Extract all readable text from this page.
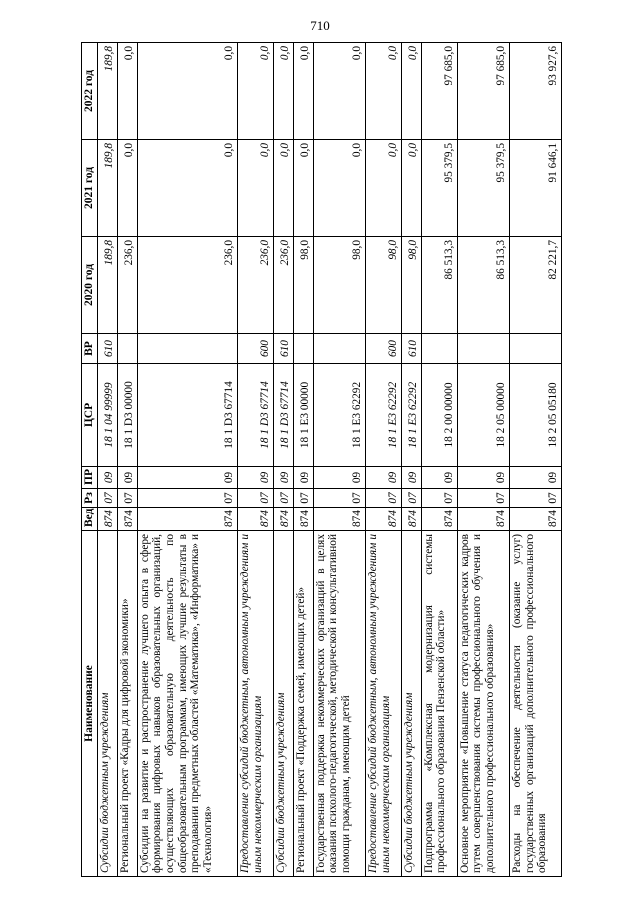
710
Наименование	Вед	Рз	ПР	ЦСР	ВР	2020 год	2021 год	2022 год
Субсидии бюджетным учреждениям	874	07	09	18 1 04 99999	610	189,8	189,8	189,8
Региональный проект «Кадры для цифровой экономики»	874	07	09	18 1 D3 00000		236,0	0,0	0,0
Субсидии на развитие и распространение лучшего опыта в сфере формирования цифровых навыков образовательных организаций, осуществляющих образовательную деятельность по общеобразовательным программам, имеющих лучшие результаты в преподавании предметных областей «Математика», «Информатика» и «Технология»	874	07	09	18 1 D3 67714		236,0	0,0	0,0
Предоставление субсидий бюджетным, автономным учреждениям и иным некоммерческим организациям	874	07	09	18 1 D3 67714	600	236,0	0,0	0,0
Субсидии бюджетным учреждениям	874	07	09	18 1 D3 67714	610	236,0	0,0	0,0
Региональный проект «Поддержка семей, имеющих детей»	874	07	09	18 1 E3 00000		98,0	0,0	0,0
Государственная поддержка некоммерческих организаций в целях оказания психолого-педагогической, методической и консультативной помощи гражданам, имеющим детей	874	07	09	18 1 E3 62292		98,0	0,0	0,0
Предоставление субсидий бюджетным, автономным учреждениям и иным некоммерческим организациям	874	07	09	18 1 E3 62292	600	98,0	0,0	0,0
Субсидии бюджетным учреждениям	874	07	09	18 1 E3 62292	610	98,0	0,0	0,0
Подпрограмма «Комплексная модернизация системы профессионального образования Пензенской области»	874	07	09	18 2 00 00000		86 513,3	95 379,5	97 685,0
Основное мероприятие «Повышение статуса педагогических кадров путем совершенствования системы профессионального обучения и дополнительного профессионального образования»	874	07	09	18 2 05 00000		86 513,3	95 379,5	97 685,0
Расходы на обеспечение деятельности (оказание услуг) государственных организаций дополнительного профессионального образования	874	07	09	18 2 05 05180		82 221,7	91 646,1	93 927,6
